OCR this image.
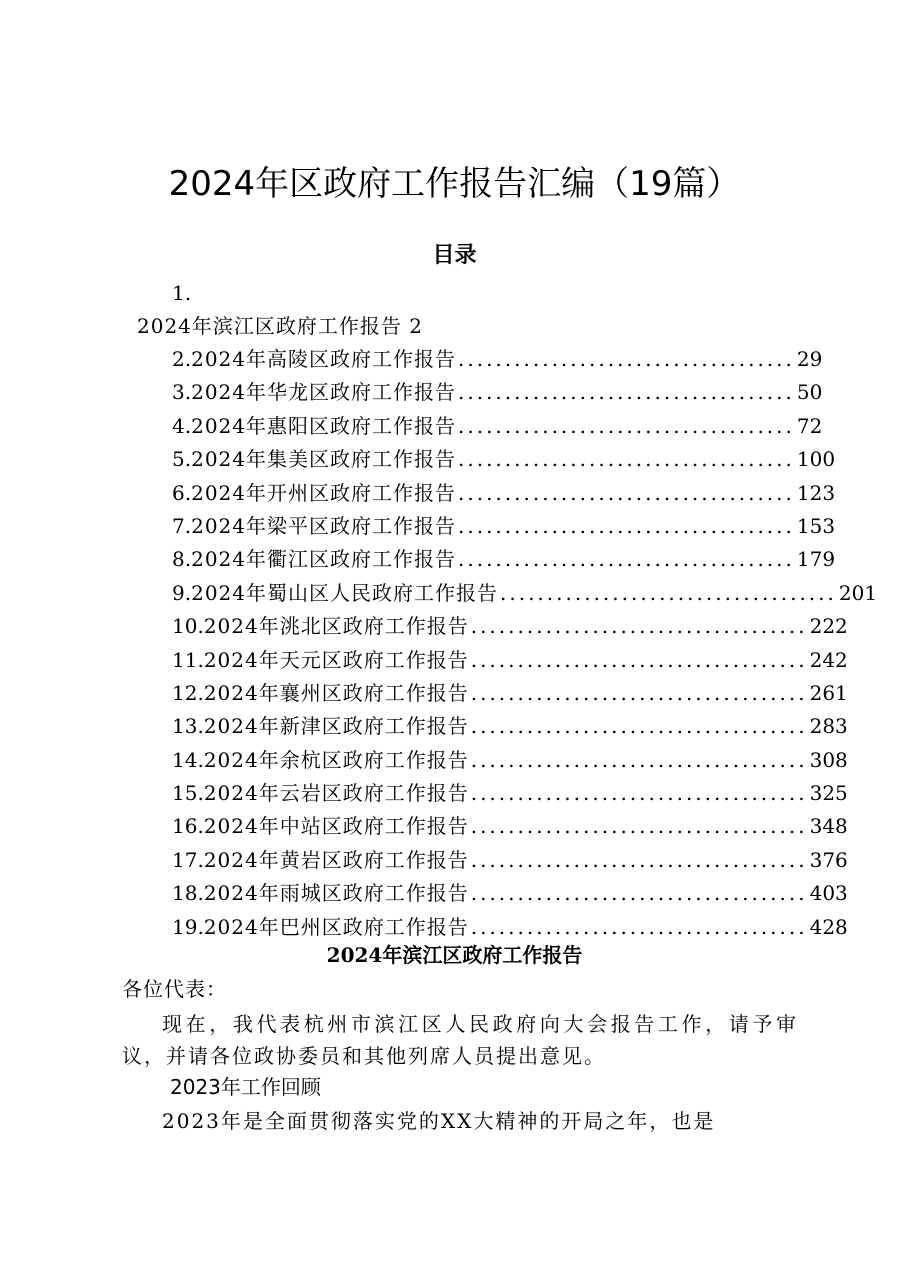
2024年区政府工作报告汇编（19篇）
目录
1.
2024年滨江区政府工作报告 2
2. 2024年高陵区政府工作报告 .................................... 29
3. 2024年华龙区政府工作报告 .................................... 50
4. 2024年惠阳区政府工作报告 .................................... 72
5. 2024年集美区政府工作报告 .................................... 100
6. 2024年开州区政府工作报告 .................................... 123
7. 2024年梁平区政府工作报告 .................................... 153
8. 2024年衢江区政府工作报告 .................................... 179
9. 2024年蜀山区人民政府工作报告 .................................... 201
10. 2024年洮北区政府工作报告 .................................... 222
11. 2024年天元区政府工作报告 .................................... 242
12. 2024年襄州区政府工作报告 .................................... 261
13. 2024年新津区政府工作报告 .................................... 283
14. 2024年余杭区政府工作报告 .................................... 308
15. 2024年云岩区政府工作报告 .................................... 325
16. 2024年中站区政府工作报告 .................................... 348
17. 2024年黄岩区政府工作报告 .................................... 376
18. 2024年雨城区政府工作报告 .................................... 403
19. 2024年巴州区政府工作报告 .................................... 428
2024年滨江区政府工作报告
各位代表：
现在，我代表杭州市滨江区人民政府向大会报告工作，请予审议，并请各位政协委员和其他列席人员提出意见。
2023年工作回顾
2023年是全面贯彻落实党的XX大精神的开局之年，也是
